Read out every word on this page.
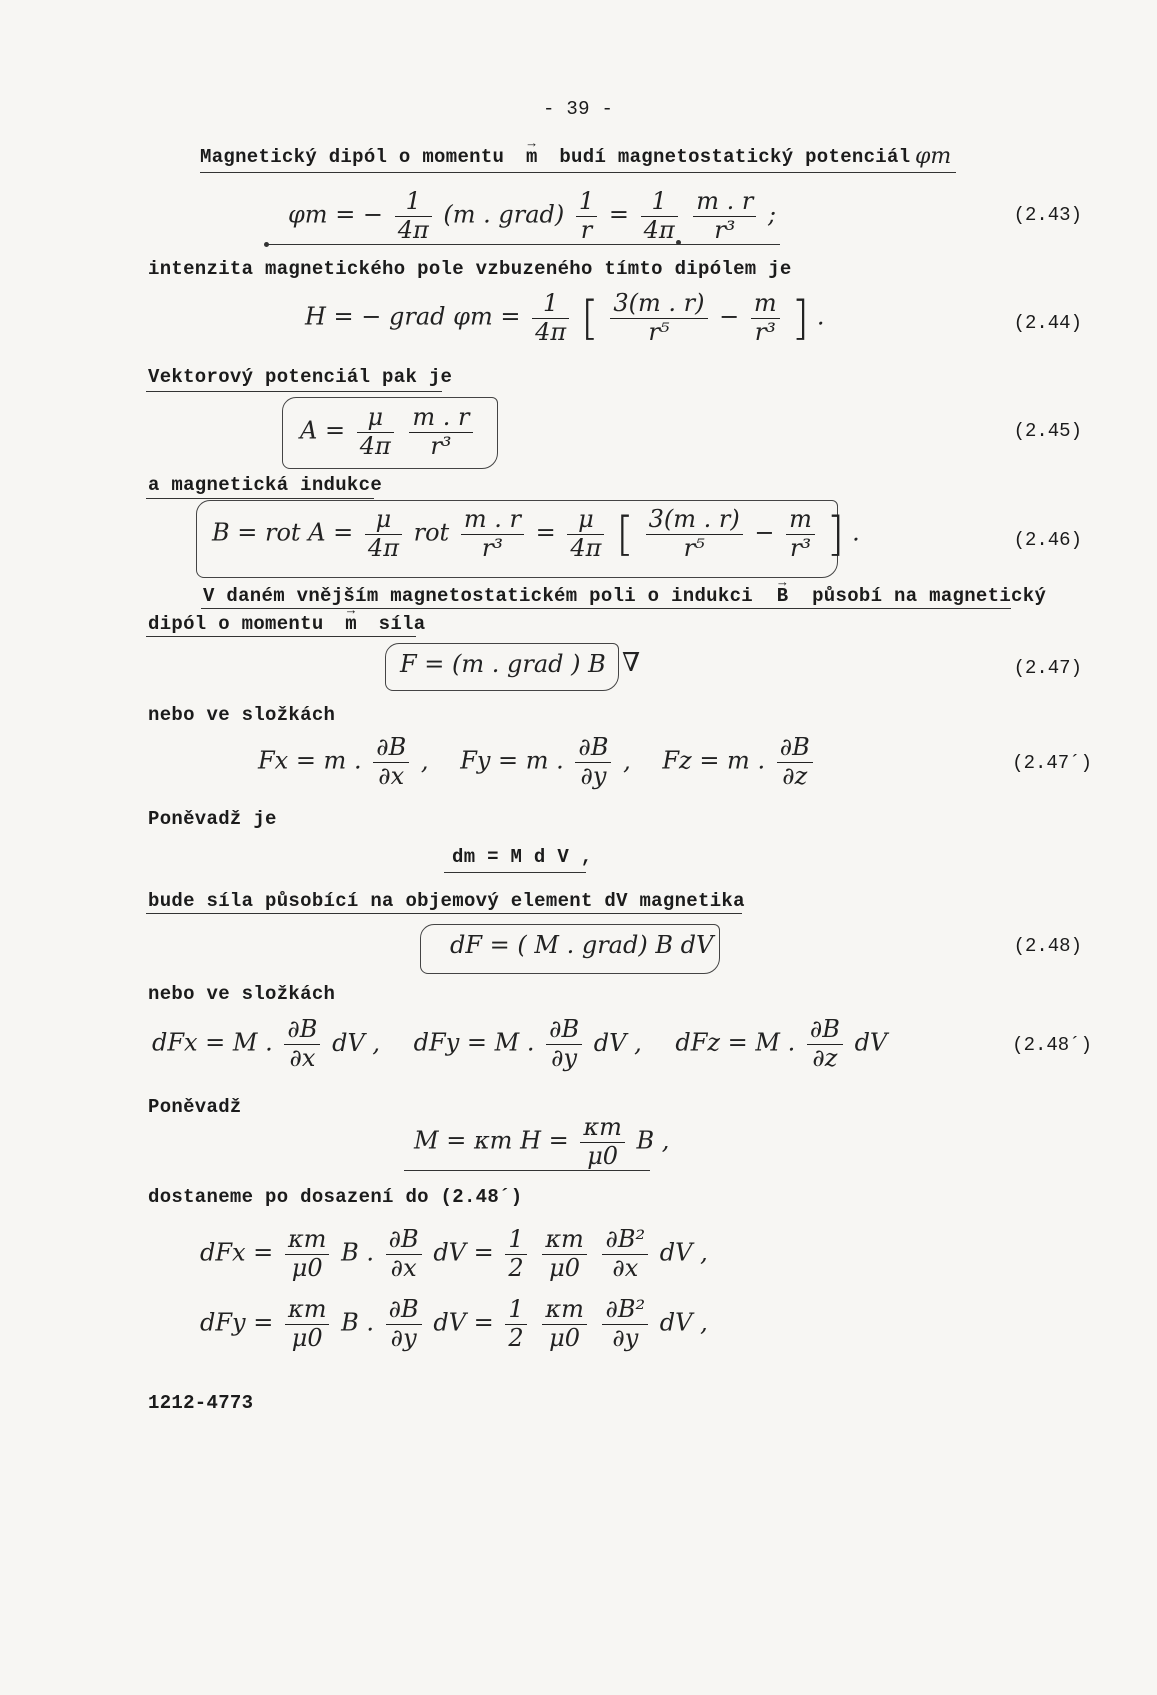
- 39 -
Magnetický dipól o momentu → m budí magnetostatický potenciál φm
φm = − $\frac{1}{4\pi} (m$ . grad) $\frac{1}{r} = \frac{1}{4\pi}$
$\frac{m . r}{\text{r³}}$ ;	(2.43)
intenzita magnetického pole vzbuzeného tímto dipólem je
H = − grad $\varphi m = \frac{1}{4\pi}$ [ $\frac{3(m . r)}{\text{r⁵}} - \frac{m}{\text{r³}}$ ] .	(2.44)
Vektorový potenciál pak je
$A = \frac{\mu}{4\pi}$
$\frac{m . r}{\text{r³}}$	(2.45)
a magnetická indukce
B = rot $A = \frac{\mu}{4\pi}$ rot $\frac{m . r}{\text{r³}} = \frac{\mu}{4\pi}$ [ $\frac{3(m . r)}{\text{r⁵}} - \frac{m}{\text{r³}}$ ] .	(2.46)
V daném vnějším magnetostatickém poli o indukci → B působí na magnetický
dipól o momentu → m síla
F = (m . grad ) B ∇	(2.47)
nebo ve složkách
Fx = m . $\frac{\partial B}{\partial x}$ , Fy = m . $\frac{\partial B}{\partial y}$ , Fz = m . $\frac{\partial B}{\partial z}$	(2.47´)
Poněvadž je
dm = M d V ,
bude síla působící na objemový element dV magnetika
dF = ( M . grad) B dV	(2.48)
nebo ve složkách
dFx = M . $\frac{\partial B}{\partial x}$ dV , dFy = M . $\frac{\partial B}{\partial y}$ dV , dFz = M . $\frac{\partial B}{\partial z}$ dV	(2.48´)
Poněvadž
M = κm $H = \frac{\kappa m}{\mu 0}$ B ,
dostaneme po dosazení do (2.48´)
dFx = $\frac{\kappa m}{\mu 0}$ B . $\frac{\partial B}{\partial x}$ dV = $\frac{1}{2}$
$\frac{\kappa m}{\mu 0}$
$\frac{\text{∂B²}}{\partial x}$ dV ,
dFy = $\frac{\kappa m}{\mu 0}$ B . $\frac{\partial B}{\partial y}$ dV = $\frac{1}{2}$
$\frac{\kappa m}{\mu 0}$
$\frac{\text{∂B²}}{\partial y}$ dV ,
1212-4773
